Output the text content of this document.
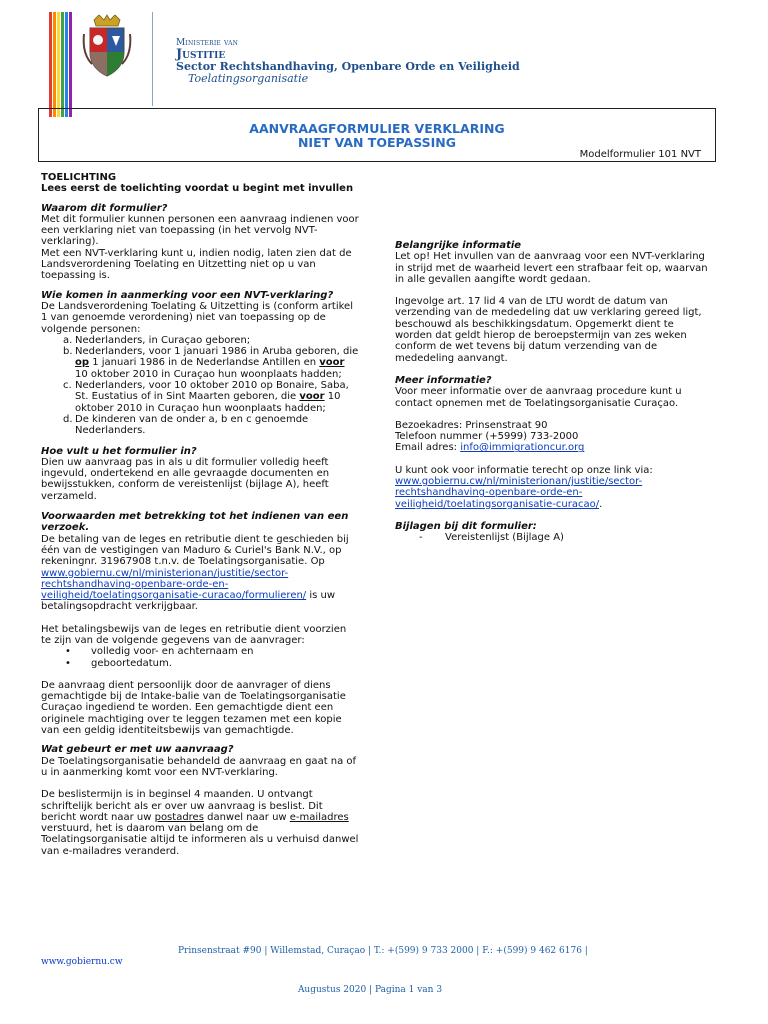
Ministerie van
Justitie
Sector Rechtshandhaving, Openbare Orde en Veiligheid
Toelatingsorganisatie
AANVRAAGFORMULIER VERKLARING
NIET VAN TOEPASSING
Modelformulier 101 NVT

TOELICHTING

Lees eerst de toelichting voordat u begint met invullen

Waarom dit formulier?

Met dit formulier kunnen personen een aanvraag indienen voor een verklaring niet van toepassing (in het vervolg NVT-verklaring).

Met een NVT-verklaring kunt u, indien nodig, laten zien dat de Landsverordening Toelating en Uitzetting niet op u van toepassing is.

Wie komen in aanmerking voor een NVT-verklaring?

De Landsverordening Toelating & Uitzetting is (conform artikel 1 van genoemde verordening) niet van toepassing op de volgende personen:

a. Nederlanders, in Curaçao geboren;
b. Nederlanders, voor 1 januari 1986 in Aruba geboren, die op 1 januari 1986 in de Nederlandse Antillen en voor 10 oktober 2010 in Curaçao hun woonplaats hadden;
c. Nederlanders, voor 10 oktober 2010 op Bonaire, Saba, St. Eustatius of in Sint Maarten geboren, die voor 10 oktober 2010 in Curaçao hun woonplaats hadden;
d. De kinderen van de onder a, b en c genoemde Nederlanders.

Hoe vult u het formulier in?

Dien uw aanvraag pas in als u dit formulier volledig heeft ingevuld, ondertekend en alle gevraagde documenten en bewijsstukken, conform de vereistenlijst (bijlage A), heeft verzameld.

Voorwaarden met betrekking tot het indienen van een verzoek.

De betaling van de leges en retributie dient te geschieden bij één van de vestigingen van Maduro & Curiel's Bank N.V., op rekeningnr. 31967908 t.n.v. de Toelatingsorganisatie. Op www.gobiernu.cw/nl/ministerionan/justitie/sector-rechtshandhaving-openbare-orde-en-veiligheid/toelatingsorganisatie-curacao/formulieren/ is uw betalingsopdracht verkrijgbaar.

Het betalingsbewijs van de leges en retributie dient voorzien te zijn van de volgende gegevens van de aanvrager:

• volledig voor- en achternaam en
• geboortedatum.

De aanvraag dient persoonlijk door de aanvrager of diens gemachtigde bij de Intake-balie van de Toelatingsorganisatie Curaçao ingediend te worden. Een gemachtigde dient een originele machtiging over te leggen tezamen met een kopie van een geldig identiteitsbewijs van gemachtigde.

Wat gebeurt er met uw aanvraag?

De Toelatingsorganisatie behandeld de aanvraag en gaat na of u in aanmerking komt voor een NVT-verklaring.

De beslistermijn is in beginsel 4 maanden. U ontvangt schriftelijk bericht als er over uw aanvraag is beslist. Dit bericht wordt naar uw postadres danwel naar uw e-mailadres verstuurd, het is daarom van belang om de Toelatingsorganisatie altijd te informeren als u verhuisd danwel van e-mailadres veranderd.

Belangrijke informatie

Let op! Het invullen van de aanvraag voor een NVT-verklaring in strijd met de waarheid levert een strafbaar feit op, waarvan in alle gevallen aangifte wordt gedaan.

Ingevolge art. 17 lid 4 van de LTU wordt de datum van verzending van de mededeling dat uw verklaring gereed ligt, beschouwd als beschikkingsdatum. Opgemerkt dient te worden dat geldt hierop de beroepstermijn van zes weken conform de wet tevens bij datum verzending van de mededeling aanvangt.

Meer informatie?

Voor meer informatie over de aanvraag procedure kunt u contact opnemen met de Toelatingsorganisatie Curaçao.

Bezoekadres: Prinsenstraat 90

Telefoon nummer (+5999) 733-2000

Email adres: info@immigrationcur.org

U kunt ook voor informatie terecht op onze link via:

www.gobiernu.cw/nl/ministerionan/justitie/sector-rechtshandhaving-openbare-orde-en-veiligheid/toelatingsorganisatie-curacao/.

Bijlagen bij dit formulier:

- Vereistenlijst (Bijlage A)
Prinsenstraat #90 | Willemstad, Curaçao | T.: +(599) 9 733 2000 | F.: +(599) 9 462 6176 |
www.gobiernu.cw
Augustus 2020 | Pagina 1 van 3
